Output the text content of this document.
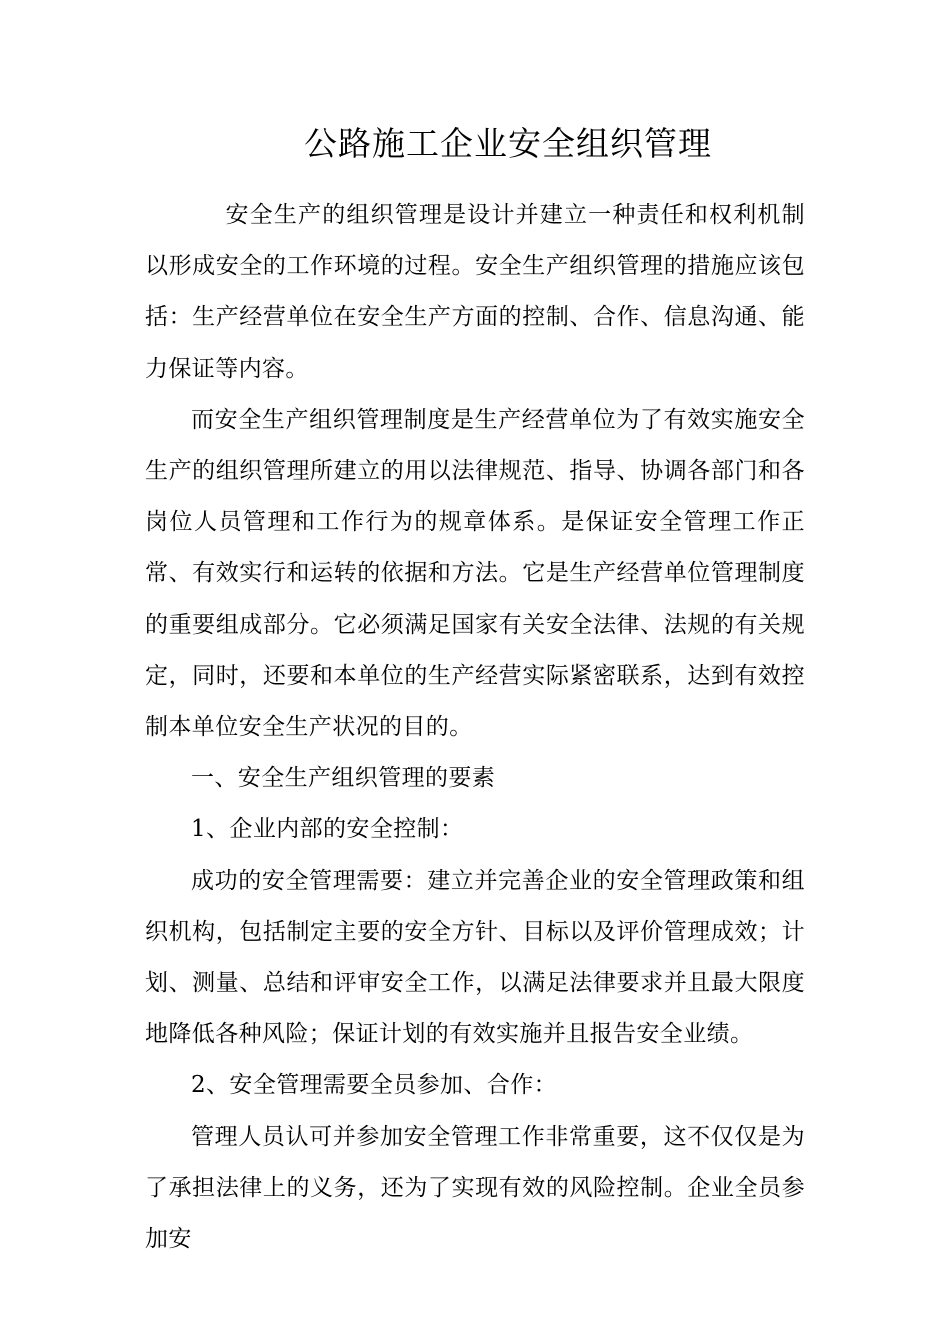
公路施工企业安全组织管理

安全生产的组织管理是设计并建立一种责任和权利机制以形成安全的工作环境的过程。安全生产组织管理的措施应该包括：生产经营单位在安全生产方面的控制、合作、信息沟通、能力保证等内容。

而安全生产组织管理制度是生产经营单位为了有效实施安全生产的组织管理所建立的用以法律规范、指导、协调各部门和各岗位人员管理和工作行为的规章体系。是保证安全管理工作正常、有效实行和运转的依据和方法。它是生产经营单位管理制度的重要组成部分。它必须满足国家有关安全法律、法规的有关规定，同时，还要和本单位的生产经营实际紧密联系，达到有效控制本单位安全生产状况的目的。

一、安全生产组织管理的要素

1、企业内部的安全控制：

成功的安全管理需要：建立并完善企业的安全管理政策和组织机构，包括制定主要的安全方针、目标以及评价管理成效；计划、测量、总结和评审安全工作，以满足法律要求并且最大限度地降低各种风险；保证计划的有效实施并且报告安全业绩。

2、安全管理需要全员参加、合作：

管理人员认可并参加安全管理工作非常重要，这不仅仅是为了承担法律上的义务，还为了实现有效的风险控制。企业全员参加安
